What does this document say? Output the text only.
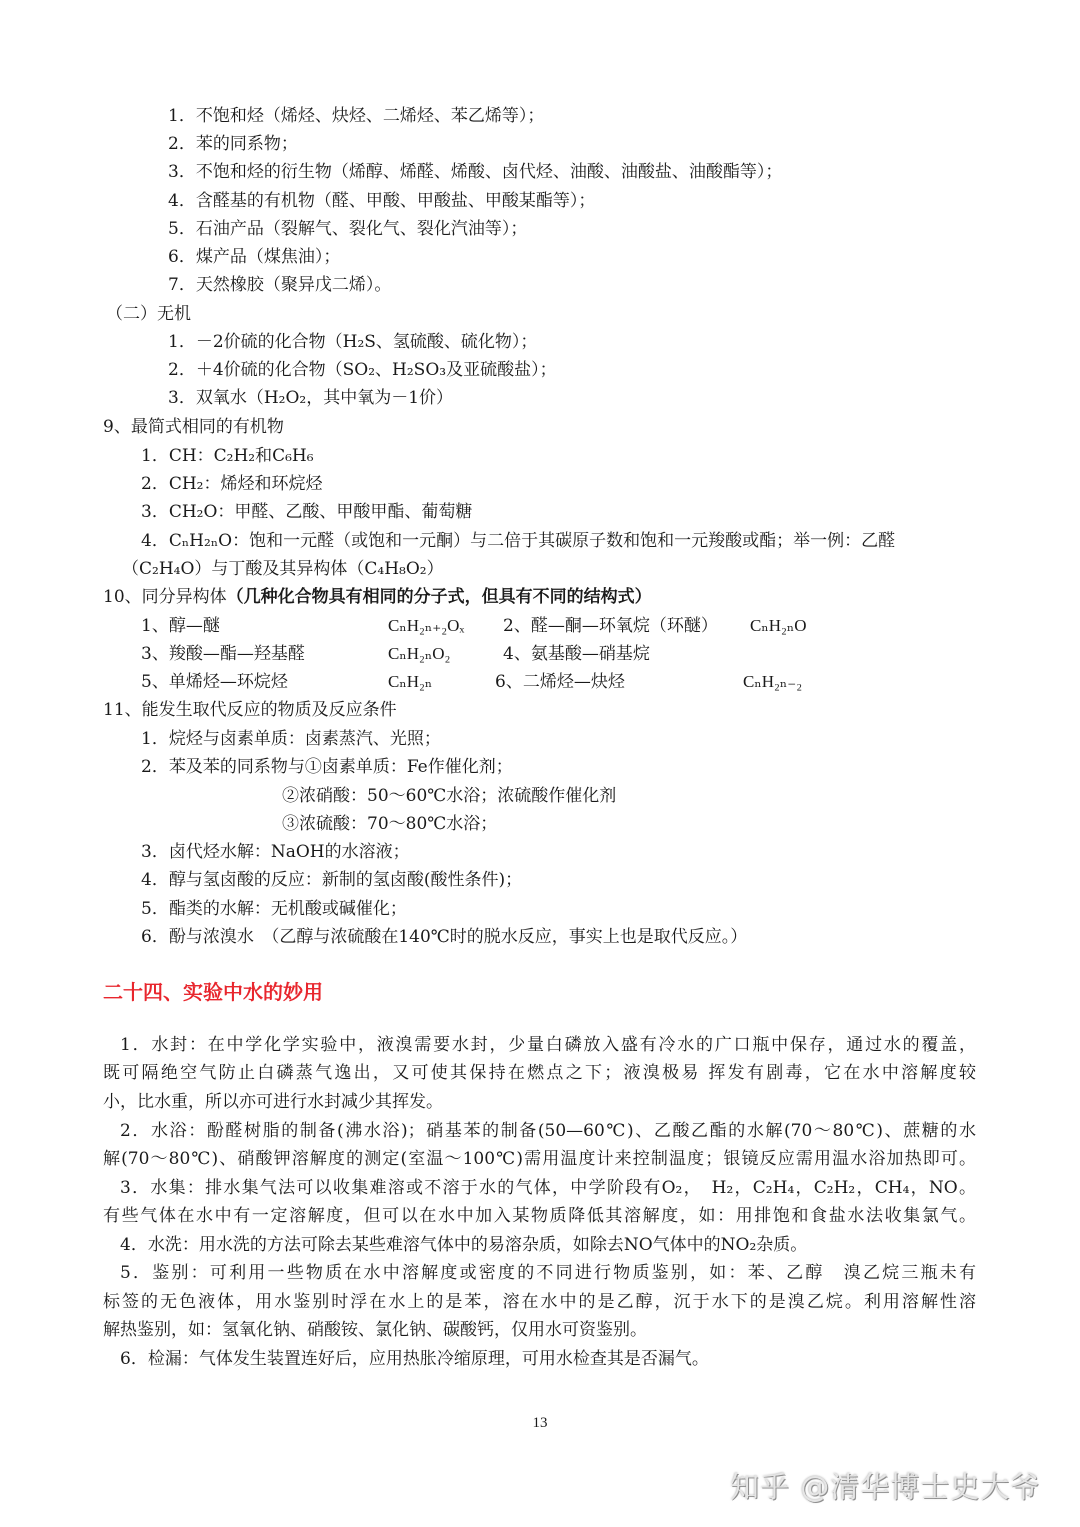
1．不饱和烃（烯烃、炔烃、二烯烃、苯乙烯等）；
2．苯的同系物；
3．不饱和烃的衍生物（烯醇、烯醛、烯酸、卤代烃、油酸、油酸盐、油酸酯等）；
4．含醛基的有机物（醛、甲酸、甲酸盐、甲酸某酯等）；
5．石油产品（裂解气、裂化气、裂化汽油等）；
6．煤产品（煤焦油）；
7．天然橡胶（聚异戊二烯）。
（二）无机
1．－2价硫的化合物（H₂S、氢硫酸、硫化物）；
2．＋4价硫的化合物（SO₂、H₂SO₃及亚硫酸盐）；
3．双氧水（H₂O₂，其中氧为－1价）
9、最简式相同的有机物
1．CH：C₂H₂和C₆H₆
2．CH₂：烯烃和环烷烃
3．CH₂O：甲醛、乙酸、甲酸甲酯、葡萄糖
4．CₙH₂ₙO：饱和一元醛（或饱和一元酮）与二倍于其碳原子数和饱和一元羧酸或酯；举一例：乙醛
（C₂H₄O）与丁酸及其异构体（C₄H₈O₂）
10、同分异构体（几种化合物具有相同的分子式，但具有不同的结构式）
1、醇—醚	CₙH₂ₙ₊₂Oₓ 2、醛—酮—环氧烷（环醚） CₙH₂ₙO
3、羧酸—酯—羟基醛	CₙH₂ₙO₂	4、氨基酸—硝基烷
5、单烯烃—环烷烃	CₙH₂ₙ	6、二烯烃—炔烃	CₙH₂ₙ₋₂
11、能发生取代反应的物质及反应条件
1．烷烃与卤素单质：卤素蒸汽、光照；
2．苯及苯的同系物与①卤素单质：Fe作催化剂；
②浓硝酸：50～60℃水浴；浓硫酸作催化剂
③浓硫酸：70～80℃水浴；
3．卤代烃水解：NaOH的水溶液；
4．醇与氢卤酸的反应：新制的氢卤酸(酸性条件)；
5．酯类的水解：无机酸或碱催化；
6．酚与浓溴水　（乙醇与浓硫酸在140℃时的脱水反应，事实上也是取代反应。）
二十四、实验中水的妙用
1．水封：在中学化学实验中，液溴需要水封，少量白磷放入盛有冷水的广口瓶中保存，通过水的覆盖，
既可隔绝空气防止白磷蒸气逸出，又可使其保持在燃点之下；液溴极易 挥发有剧毒，它在水中溶解度较
小，比水重，所以亦可进行水封减少其挥发。
2．水浴：酚醛树脂的制备(沸水浴)；硝基苯的制备(50—60℃)、乙酸乙酯的水解(70～80℃)、蔗糖的水
解(70～80℃)、硝酸钾溶解度的测定(室温～100℃)需用温度计来控制温度；银镜反应需用温水浴加热即可。
3．水集：排水集气法可以收集难溶或不溶于水的气体，中学阶段有O₂，　H₂，C₂H₄，C₂H₂，CH₄，NO。
有些气体在水中有一定溶解度，但可以在水中加入某物质降低其溶解度，如：用排饱和食盐水法收集氯气。
4．水洗：用水洗的方法可除去某些难溶气体中的易溶杂质，如除去NO气体中的NO₂杂质。
5．鉴别：可利用一些物质在水中溶解度或密度的不同进行物质鉴别，如：苯、乙醇　溴乙烷三瓶未有
标签的无色液体，用水鉴别时浮在水上的是苯，溶在水中的是乙醇，沉于水下的是溴乙烷。利用溶解性溶
解热鉴别，如：氢氧化钠、硝酸铵、氯化钠、碳酸钙，仅用水可资鉴别。
6．检漏：气体发生装置连好后，应用热胀冷缩原理，可用水检查其是否漏气。
13
知乎 @清华博士史大爷
